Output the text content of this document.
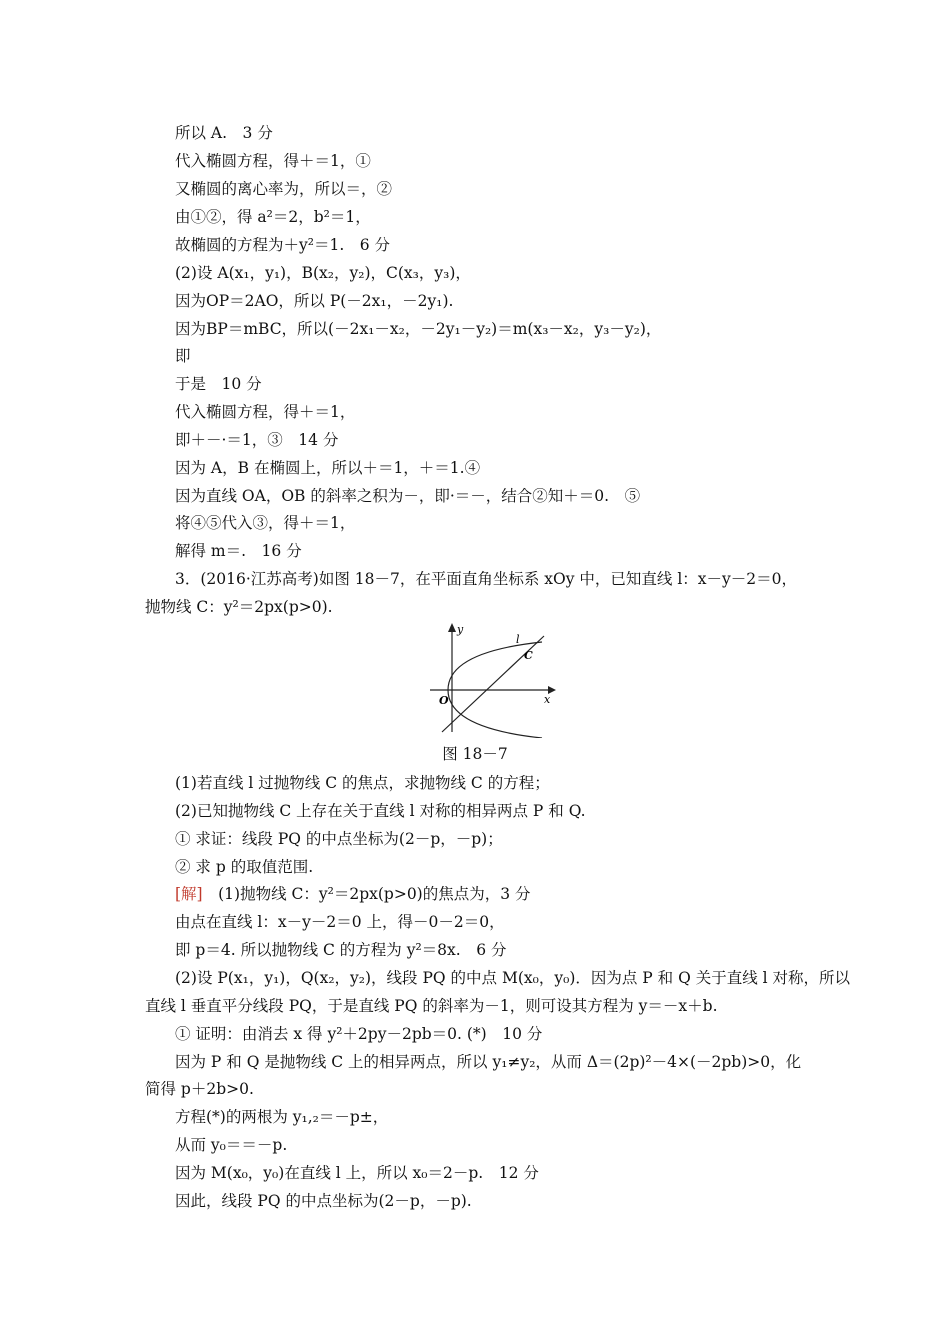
所以 A.　3 分
代入椭圆方程，得＋＝1，①
又椭圆的离心率为，所以＝，②
由①②，得 a²＝2，b²＝1，
故椭圆的方程为＋y²＝1.　6 分
(2)设 A(x₁，y₁)，B(x₂，y₂)，C(x₃，y₃)，
因为OP＝2AO，所以 P(－2x₁，－2y₁).
因为BP＝mBC，所以(－2x₁－x₂，－2y₁－y₂)＝m(x₃－x₂，y₃－y₂)，
即
于是　10 分
代入椭圆方程，得＋＝1，
即＋－·＝1，③　14 分
因为 A，B 在椭圆上，所以＋＝1，＋＝1.④
因为直线 OA，OB 的斜率之积为－，即·＝－，结合②知＋＝0.　⑤
将④⑤代入③，得＋＝1，
解得 m＝.　16 分
3．(2016·江苏高考)如图 18－7，在平面直角坐标系 xOy 中，已知直线 l：x－y－2＝0，
抛物线 C：y²＝2px(p>0).
y
x
O
l
C
图 18－7
(1)若直线 l 过抛物线 C 的焦点，求抛物线 C 的方程；
(2)已知抛物线 C 上存在关于直线 l 对称的相异两点 P 和 Q.
① 求证：线段 PQ 的中点坐标为(2－p，－p)；
② 求 p 的取值范围.
[解]　 (1)抛物线 C：y²＝2px(p>0)的焦点为，3 分
由点在直线 l：x－y－2＝0 上，得－0－2＝0，
即 p＝4. 所以抛物线 C 的方程为 y²＝8x.　6 分
(2)设 P(x₁，y₁)，Q(x₂，y₂)，线段 PQ 的中点 M(x₀，y₀)．因为点 P 和 Q 关于直线 l 对称，所以
直线 l 垂直平分线段 PQ，于是直线 PQ 的斜率为－1，则可设其方程为 y＝－x＋b.
① 证明：由消去 x 得 y²＋2py－2pb＝0. (*)　10 分
因为 P 和 Q 是抛物线 C 上的相异两点，所以 y₁≠y₂，从而 Δ＝(2p)²－4×(－2pb)>0，化
简得 p＋2b>0.
方程(*)的两根为 y₁,₂＝－p±，
从而 y₀＝＝－p.
因为 M(x₀，y₀)在直线 l 上，所以 x₀＝2－p.　12 分
因此，线段 PQ 的中点坐标为(2－p，－p).
